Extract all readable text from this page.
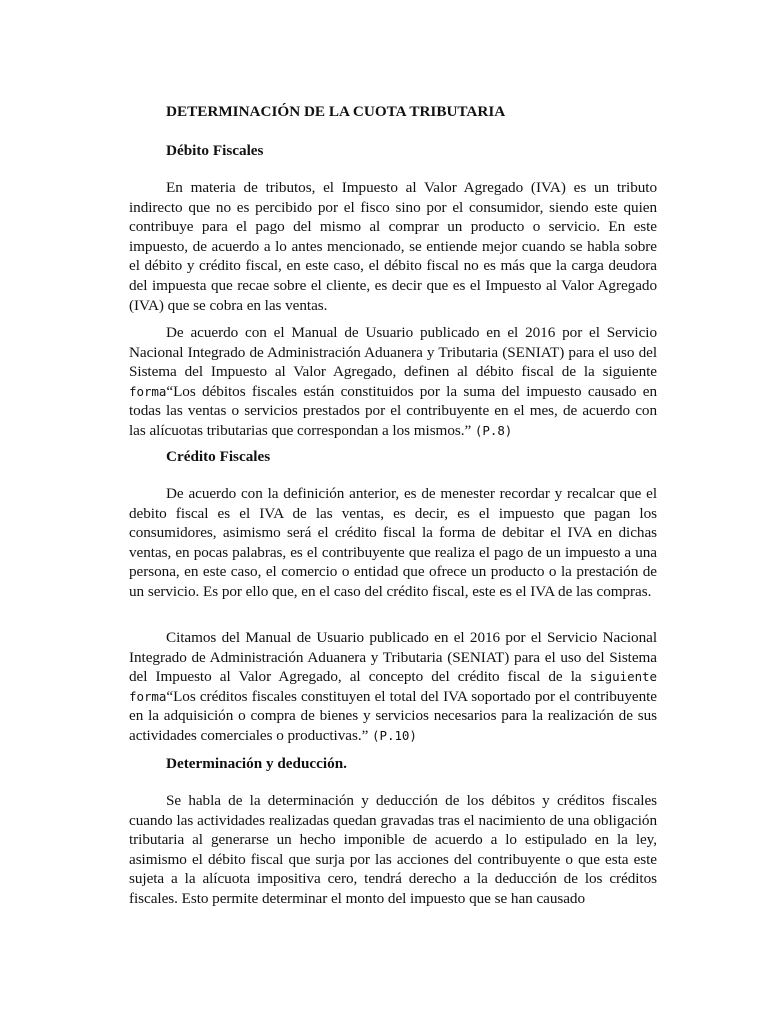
DETERMINACIÓN DE LA CUOTA TRIBUTARIA
Débito Fiscales

En materia de tributos, el Impuesto al Valor Agregado (IVA) es un tributo indirecto que no es percibido por el fisco sino por el consumidor, siendo este quien contribuye para el pago del mismo al comprar un producto o servicio. En este impuesto, de acuerdo a lo antes mencionado, se entiende mejor cuando se habla sobre el débito y crédito fiscal, en este caso, el débito fiscal no es más que la carga deudora del impuesta que recae sobre el cliente, es decir que es el Impuesto al Valor Agregado (IVA) que se cobra en las ventas.

De acuerdo con el Manual de Usuario publicado en el 2016 por el Servicio Nacional Integrado de Administración Aduanera y Tributaria (SENIAT) para el uso del Sistema del Impuesto al Valor Agregado, definen al débito fiscal de la siguiente forma“Los débitos fiscales están constituidos por la suma del impuesto causado en todas las ventas o servicios prestados por el contribuyente en el mes, de acuerdo con las alícuotas tributarias que correspondan a los mismos.” (P.8)

Crédito Fiscales

De acuerdo con la definición anterior, es de menester recordar y recalcar que el debito fiscal es el IVA de las ventas, es decir, es el impuesto que pagan los consumidores, asimismo será el crédito fiscal la forma de debitar el IVA en dichas ventas, en pocas palabras, es el contribuyente que realiza el pago de un impuesto a una persona, en este caso, el comercio o entidad que ofrece un producto o la prestación de un servicio. Es por ello que, en el caso del crédito fiscal, este es el IVA de las compras.

Citamos del Manual de Usuario publicado en el 2016 por el Servicio Nacional Integrado de Administración Aduanera y Tributaria (SENIAT) para el uso del Sistema del Impuesto al Valor Agregado, al concepto del crédito fiscal de la siguiente forma“Los créditos fiscales constituyen el total del IVA soportado por el contribuyente en la adquisición o compra de bienes y servicios necesarios para la realización de sus actividades comerciales o productivas.” (P.10)

Determinación y deducción.

Se habla de la determinación y deducción de los débitos y créditos fiscales cuando las actividades realizadas quedan gravadas tras el nacimiento de una obligación tributaria al generarse un hecho imponible de acuerdo a lo estipulado en la ley, asimismo el débito fiscal que surja por las acciones del contribuyente o que esta este sujeta a la alícuota impositiva cero, tendrá derecho a la deducción de los créditos fiscales. Esto permite determinar el monto del impuesto que se han causado
